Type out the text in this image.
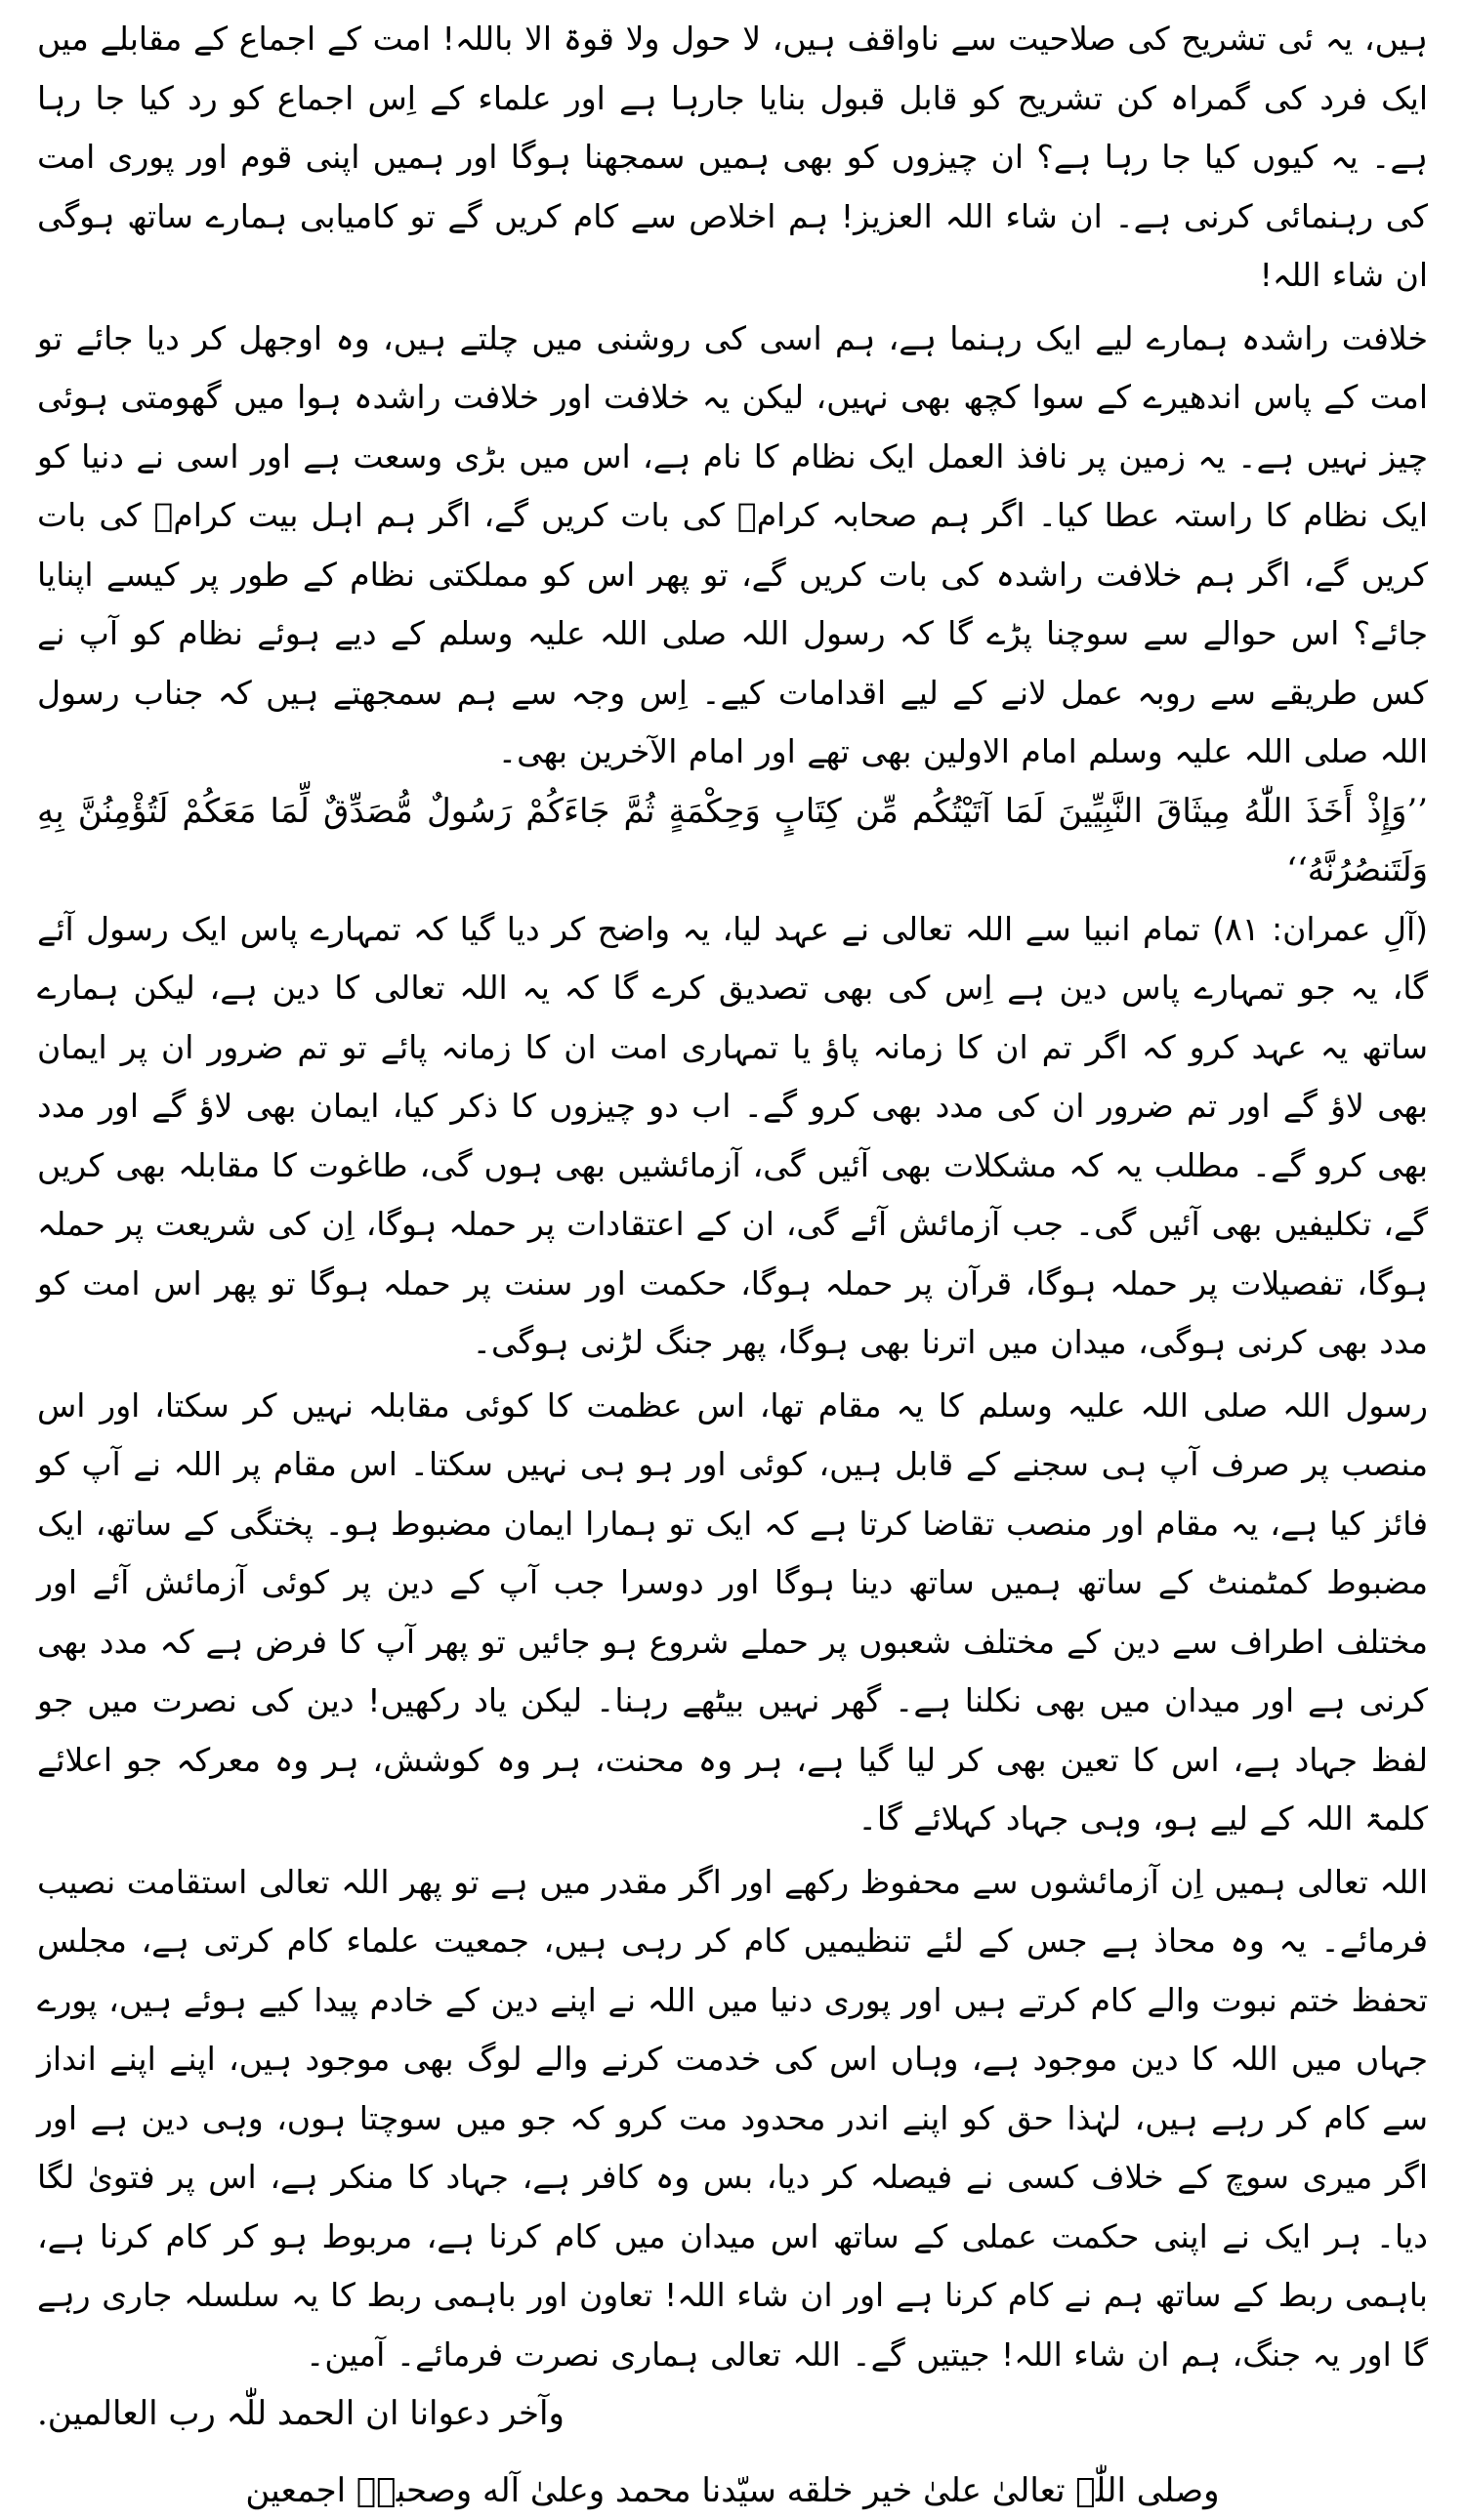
ہیں، یہ ئی تشریح کی صلاحیت سے ناواقف ہیں، لا حول ولا قوۃ الا باللہ! امت کے اجماع کے مقابلے میں ایک فرد کی گمراہ کن تشریح کو قابل قبول بنایا جارہا ہے اور علماء کے اِس اجماع کو رد کیا جا رہا ہے۔ یہ کیوں کیا جا رہا ہے؟ ان چیزوں کو بھی ہمیں سمجھنا ہوگا اور ہمیں اپنی قوم اور پوری امت کی رہنمائی کرنی ہے۔ ان شاء اللہ العزیز! ہم اخلاص سے کام کریں گے تو کامیابی ہمارے ساتھ ہوگی ان شاء اللہ!

خلافت راشدہ ہمارے لیے ایک رہنما ہے، ہم اسی کی روشنی میں چلتے ہیں، وہ اوجھل کر دیا جائے تو امت کے پاس اندھیرے کے سوا کچھ بھی نہیں، لیکن یہ خلافت اور خلافت راشدہ ہوا میں گھومتی ہوئی چیز نہیں ہے۔ یہ زمین پر نافذ العمل ایک نظام کا نام ہے، اس میں بڑی وسعت ہے اور اسی نے دنیا کو ایک نظام کا راستہ عطا کیا۔ اگر ہم صحابہ کرامؓ کی بات کریں گے، اگر ہم اہل بیت کرامؓ کی بات کریں گے، اگر ہم خلافت راشدہ کی بات کریں گے، تو پھر اس کو مملکتی نظام کے طور پر کیسے اپنایا جائے؟ اس حوالے سے سوچنا پڑے گا کہ رسول اللہ صلی اللہ علیہ وسلم کے دیے ہوئے نظام کو آپ نے کس طریقے سے روبہ عمل لانے کے لیے اقدامات کیے۔ اِس وجہ سے ہم سمجھتے ہیں کہ جناب رسول اللہ صلی اللہ علیہ وسلم امام الاولین بھی تھے اور امام الآخرین بھی۔

’’وَإِذْ أَخَذَ اللّٰهُ مِيثَاقَ النَّبِيِّينَ لَمَا آتَيْتُكُم مِّن كِتَابٍ وَحِكْمَةٍ ثُمَّ جَاءَكُمْ رَسُولٌ مُّصَدِّقٌ لِّمَا مَعَكُمْ لَتُؤْمِنُنَّ بِهِ وَلَتَنصُرُنَّهُ‘‘

(آلِ عمران: ۸۱) تمام انبیا سے اللہ تعالی نے عہد لیا، یہ واضح کر دیا گیا کہ تمہارے پاس ایک رسول آئے گا، یہ جو تمہارے پاس دین ہے اِس کی بھی تصدیق کرے گا کہ یہ اللہ تعالی کا دین ہے، لیکن ہمارے ساتھ یہ عہد کرو کہ اگر تم ان کا زمانہ پاؤ یا تمہاری امت ان کا زمانہ پائے تو تم ضرور ان پر ایمان بھی لاؤ گے اور تم ضرور ان کی مدد بھی کرو گے۔ اب دو چیزوں کا ذکر کیا، ایمان بھی لاؤ گے اور مدد بھی کرو گے۔ مطلب یہ کہ مشکلات بھی آئیں گی، آزمائشیں بھی ہوں گی، طاغوت کا مقابلہ بھی کریں گے، تکلیفیں بھی آئیں گی۔ جب آزمائش آئے گی، ان کے اعتقادات پر حملہ ہوگا، اِن کی شریعت پر حملہ ہوگا، تفصیلات پر حملہ ہوگا، قرآن پر حملہ ہوگا، حکمت اور سنت پر حملہ ہوگا تو پھر اس امت کو مدد بھی کرنی ہوگی، میدان میں اترنا بھی ہوگا، پھر جنگ لڑنی ہوگی۔

رسول اللہ صلی اللہ علیہ وسلم کا یہ مقام تھا، اس عظمت کا کوئی مقابلہ نہیں کر سکتا، اور اس منصب پر صرف آپ ہی سجنے کے قابل ہیں، کوئی اور ہو ہی نہیں سکتا۔ اس مقام پر اللہ نے آپ کو فائز کیا ہے، یہ مقام اور منصب تقاضا کرتا ہے کہ ایک تو ہمارا ایمان مضبوط ہو۔ پختگی کے ساتھ، ایک مضبوط کمٹمنٹ کے ساتھ ہمیں ساتھ دینا ہوگا اور دوسرا جب آپ کے دین پر کوئی آزمائش آئے اور مختلف اطراف سے دین کے مختلف شعبوں پر حملے شروع ہو جائیں تو پھر آپ کا فرض ہے کہ مدد بھی کرنی ہے اور میدان میں بھی نکلنا ہے۔ گھر نہیں بیٹھے رہنا۔ لیکن یاد رکھیں! دین کی نصرت میں جو لفظ جہاد ہے، اس کا تعین بھی کر لیا گیا ہے، ہر وہ محنت، ہر وہ کوشش، ہر وہ معرکہ جو اعلائے کلمۃ اللہ کے لیے ہو، وہی جہاد کہلائے گا۔

اللہ تعالی ہمیں اِن آزمائشوں سے محفوظ رکھے اور اگر مقدر میں ہے تو پھر اللہ تعالی استقامت نصیب فرمائے۔ یہ وہ محاذ ہے جس کے لئے تنظیمیں کام کر رہی ہیں، جمعیت علماء کام کرتی ہے، مجلس تحفظ ختم نبوت والے کام کرتے ہیں اور پوری دنیا میں اللہ نے اپنے دین کے خادم پیدا کیے ہوئے ہیں، پورے جہاں میں اللہ کا دین موجود ہے، وہاں اس کی خدمت کرنے والے لوگ بھی موجود ہیں، اپنے اپنے انداز سے کام کر رہے ہیں، لہٰذا حق کو اپنے اندر محدود مت کرو کہ جو میں سوچتا ہوں، وہی دین ہے اور اگر میری سوچ کے خلاف کسی نے فیصلہ کر دیا، بس وہ کافر ہے، جہاد کا منکر ہے، اس پر فتویٰ لگا دیا۔ ہر ایک نے اپنی حکمت عملی کے ساتھ اس میدان میں کام کرنا ہے، مربوط ہو کر کام کرنا ہے، باہمی ربط کے ساتھ ہم نے کام کرنا ہے اور ان شاء اللہ! تعاون اور باہمی ربط کا یہ سلسلہ جاری رہے گا اور یہ جنگ، ہم ان شاء اللہ! جیتیں گے۔ اللہ تعالی ہماری نصرت فرمائے۔ آمین۔

وآخر دعوانا ان الحمد للّٰہ رب العالمین.

وصلی اللّٰہ تعالیٰ علیٰ خیر خلقه سیّدنا محمد وعلیٰ آله وصحبهٖ اجمعین
